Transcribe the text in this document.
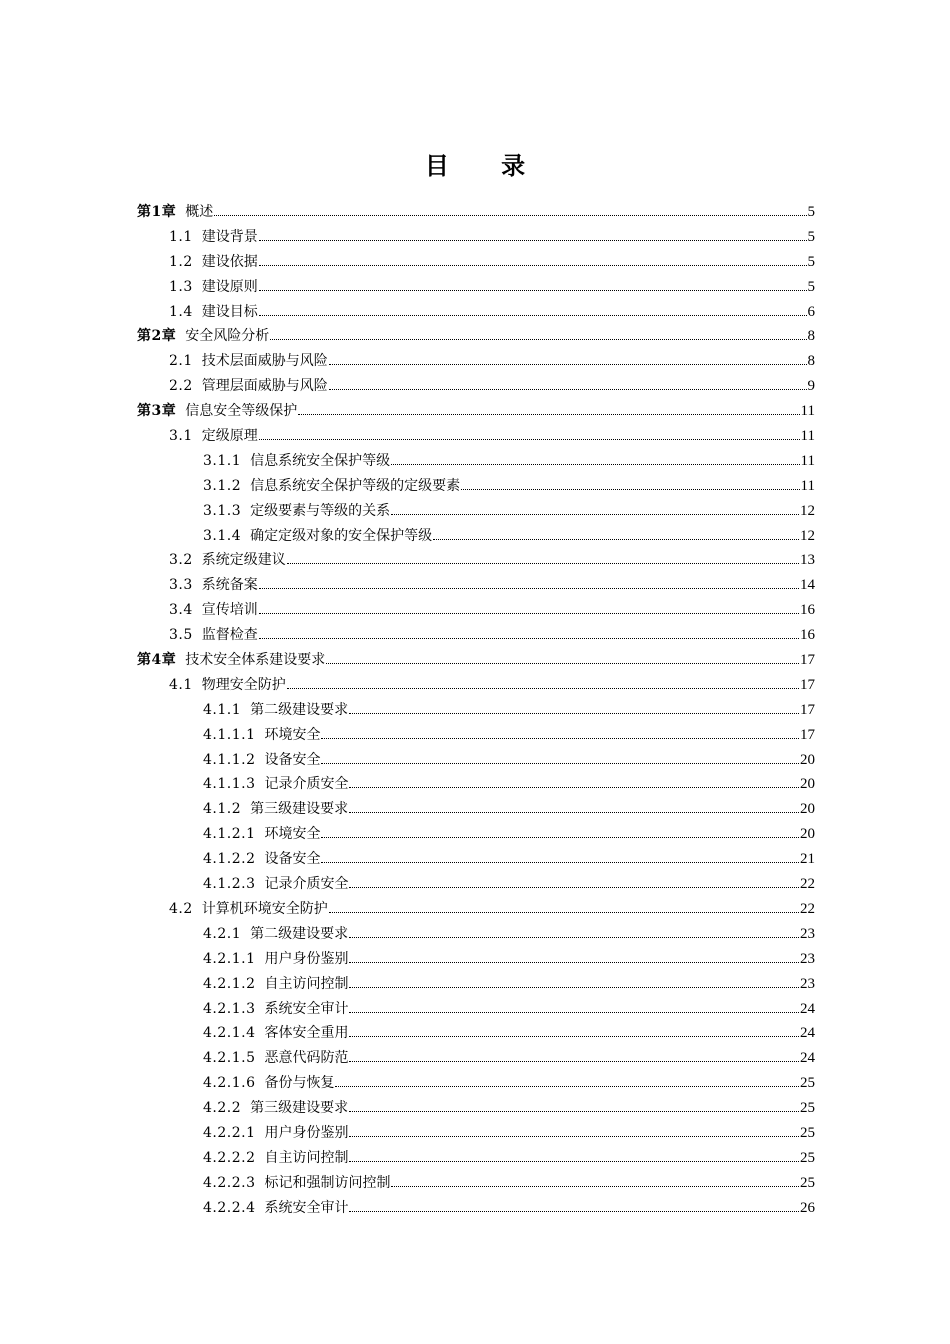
目 录
第1章 概述	5
1.1 建设背景	5
1.2 建设依据	5
1.3 建设原则	5
1.4 建设目标	6
第2章 安全风险分析	8
2.1 技术层面威胁与风险	8
2.2 管理层面威胁与风险	9
第3章 信息安全等级保护	11
3.1 定级原理	11
3.1.1 信息系统安全保护等级	11
3.1.2 信息系统安全保护等级的定级要素	11
3.1.3 定级要素与等级的关系	12
3.1.4 确定定级对象的安全保护等级	12
3.2 系统定级建议	13
3.3 系统备案	14
3.4 宣传培训	16
3.5 监督检查	16
第4章 技术安全体系建设要求	17
4.1 物理安全防护	17
4.1.1 第二级建设要求	17
4.1.1.1 环境安全	17
4.1.1.2 设备安全	20
4.1.1.3 记录介质安全	20
4.1.2 第三级建设要求	20
4.1.2.1 环境安全	20
4.1.2.2 设备安全	21
4.1.2.3 记录介质安全	22
4.2 计算机环境安全防护	22
4.2.1 第二级建设要求	23
4.2.1.1 用户身份鉴别	23
4.2.1.2 自主访问控制	23
4.2.1.3 系统安全审计	24
4.2.1.4 客体安全重用	24
4.2.1.5 恶意代码防范	24
4.2.1.6 备份与恢复	25
4.2.2 第三级建设要求	25
4.2.2.1 用户身份鉴别	25
4.2.2.2 自主访问控制	25
4.2.2.3 标记和强制访问控制	25
4.2.2.4 系统安全审计	26
